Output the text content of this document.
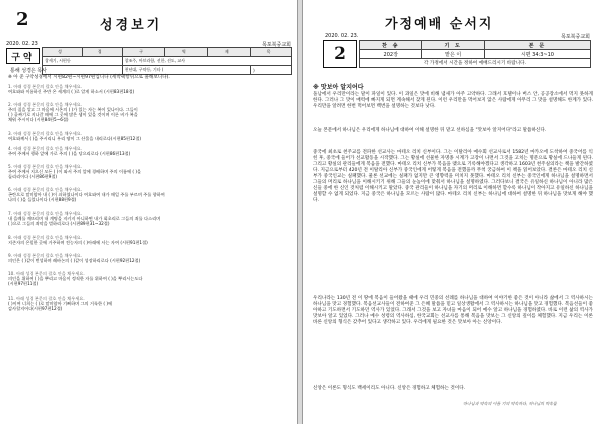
2	성경보기
2020. 02. 23	목포북중교회
구약
성	경	구	역	제	목
창세기, 시편등		창조주, 아브라함, 선한, 선도, 교사			
		천년대, 구약등, 기타 (			)
통해 성경은 목사
※ 아 준 구약성경에서 시편82편~시편97편입니다 (세박팩항뒤으로 풀해보니다).
1. 아래 성경 본문의 괄호 안을 채우세요.
여호와와 이름하신 주만 온 세계의 ( )로 알게 하소서 (시편83편18절)
2. 아래 성경 본문의 괄호 안을 채우세요.
주의 집을 알고 그 마음에 시온의 ( )가 있는 자는 복이 있나이다. 그들이
( ) 골짜기로 지나갈 때에 그 곳에 많은 샘이 있을 것이며 이른 비가 복을
채워 주시이다 (시편84편5~6절)
3. 아래 성경 본문의 괄호 안을 채우세요.
여호와께서 ( )을 주시리니 우리 땅이 그 산물을 내리로다(시편85편12절)
4. 아래 성경 본문의 괄호 안을 채우세요.
주여 주께서 행하 앞에 가로 주의 ( )을 당으리로다 (시편86편13절)
5. 아래 성경 본문의 괄호 안을 채우세요.
주여 주께서 지으신 모든 ( )이 와서 주의 앞에 경배하며 주의 이름에 ( )을
돌리리이다 (시편86편9절)
6. 아래 성경 본문의 괄호 안을 채우세요.
곤란으로 말미암아 내 ( )이 쇠하였나이다 여호와여 내가 매일 주를 부르며 주를 향하여
나의 ( )을 들었나이다 (시편88편9절)
7. 아래 성경 본문의 괄호 안을 채우세요.
내 을례를 깨뜨리며 내 계명을 지키지 아니하면 내가 회초리로 그들의 죄를 다스리며
( )으로 그들의 죄악을 벌하리로다 (시편89편31~32절)
8. 아래 성경 본문의 괄호 안을 채우세요.
지존자의 은밀한 곳에 거주하며 전능자의 ( )아래에 사는 자여 (시편91편1절)
9. 아래 성경 본문의 괄호 안을 채우세요.
의인은 ( )같이 번성하며 레바논의 ( )같이 성장하리로다 (시편92편12절)
10. 아래 성경 본문의 괄호 안을 채우세요.
의인을 위하여 ( )을 뿌리고 마음이 정직한 자를 위하여 ( )을 뿌리시는도다
(시편97편11절)
11. 아래 성경 본문의 괄호 안을 채우세요.
( )이여 너희는 ( )로 말미암아 기뻐하며 그의 거룩한 ( )에
감사할지어다(시편97편12절)
가정예배 순서지
2020. 02. 23.	목포북중교회
2	찬 송	기 도	본 문
202장	맡은 이	시편 34:3~10
각 가정에서 시간을 정하여 예배드리시기 바랍니다.		
※ 맛보아 알지어다
돌남에서 우리만이라는 말이 파일이 있다. 이 과일은 맛에 비해 냄새가 아주 고약하다. 그래서 호텔이나 버스 안, 공공장소에서 먹지 못하게 한다. 그러나 그 맛이 매력에 빠지게 되면 계속해서 찾게 된다. 이런 우리만을 먹어보지 않은 사람에게 아무리 그 맛을 설명해도 한계가 있다. 우리만을 알려면 한번 먹어보면 백번을 설명하는 것보다 낫다.
오늘 본문에서 하나님은 우리에게 하나님에 대하여 이해 설명한 뒤 맡고 선하심을 "맛보아 알지어다"라고 말씀하신다.
중국에 최초로 천주교를 전파한 선교사는 마테오 리치 신부이다. 그는 이탈리아 예수회 선교사로서 1582년 마카오에 도착하여 중국어를 익힌 후, 중국에 들어가 선교활동을 시작했다. 그는 황실에 선물한 자명종 시계가 고장이 나면서 그것을 고치는 명분으로 황실에 드나들게 된다. 그리고 황실의 관리들에게 복음을 전했다. 마테오 리치 신부가 복음을 맺으로 기록해야겠다고 생각하고 1603년 천주실의라는 책을 발간하였다. 지금으로부터 420년 전 이탈리아 신부가 중국인에게 어떻게 복음을 전했을까 무척 궁금하여 이 책을 읽어보았다. 결론은 마테오 리치 신부가 중국인교는 실패했다. 물론 선교에는 실패가 없지만 큰 영향력을 미치지 못했다. 마테오 리치 신부는 중국인에게 하나님을 설명하면서 그들의 머리로 하나님을 이해시키기 위해 그들의 눈높이에 맞춰서 하나님을 설명하였다. 그러다보니 결국은 유일하신 하나님이 아니라 많은 신들 중에 한 신인 것처럼 이해시키고 말았다. 중국 관리들이 하나님을 자기의 머리로 이해하면 할수록 하나님이 작아지고 유일하신 하나님을 설명할 수 없게 되었다. 지금 중국은 하나님을 모르는 사람이 많다. 마테오 리치 신부는 하나님에 대하여 설명한 뒤 하나님을 맛보게 해야 했다.
우리나라는 130년 전 이 땅에 복음이 들어왔을 때에 우리 민중의 선례를 하나님을 대하여 이야기한 좋은 것이 아니라 삶에서 그 역사하시는 하나님을 맛고 경험했다. 복음선교사들이 전하여준 그 은혜 말씀을 믿고 일상생활에서 그 역사하시는 하나님을 맛고 경험했다. 복음선들이 좋아하고 기도하면서 기도하던 역사가 있었다. 그래서 그것을 보고 자녀들 마음이 되어 예수 알고 하나님을 경험하였다. 바로 이런 삶의 역사가 맛보아 알고 있었다. 그러나 예수 성령의 역사하심, 한국교회는 선교사를 통해 복음을 맛보는 그 신앙의 깊이를 체험했다. 지금 우리는 이론 바른 신앙의 형식은 갖추어 있다고 생각하고 있다. 우리에게 필요한 것은 맛보아 아는 신앙이다.
신앙은 이론도 형식도 백세이리도 아니다. 신앙은 경험하고 체험하는 것이다.
하나님과 약속의 이름 기의 약속하다, 하나님의 약속를
